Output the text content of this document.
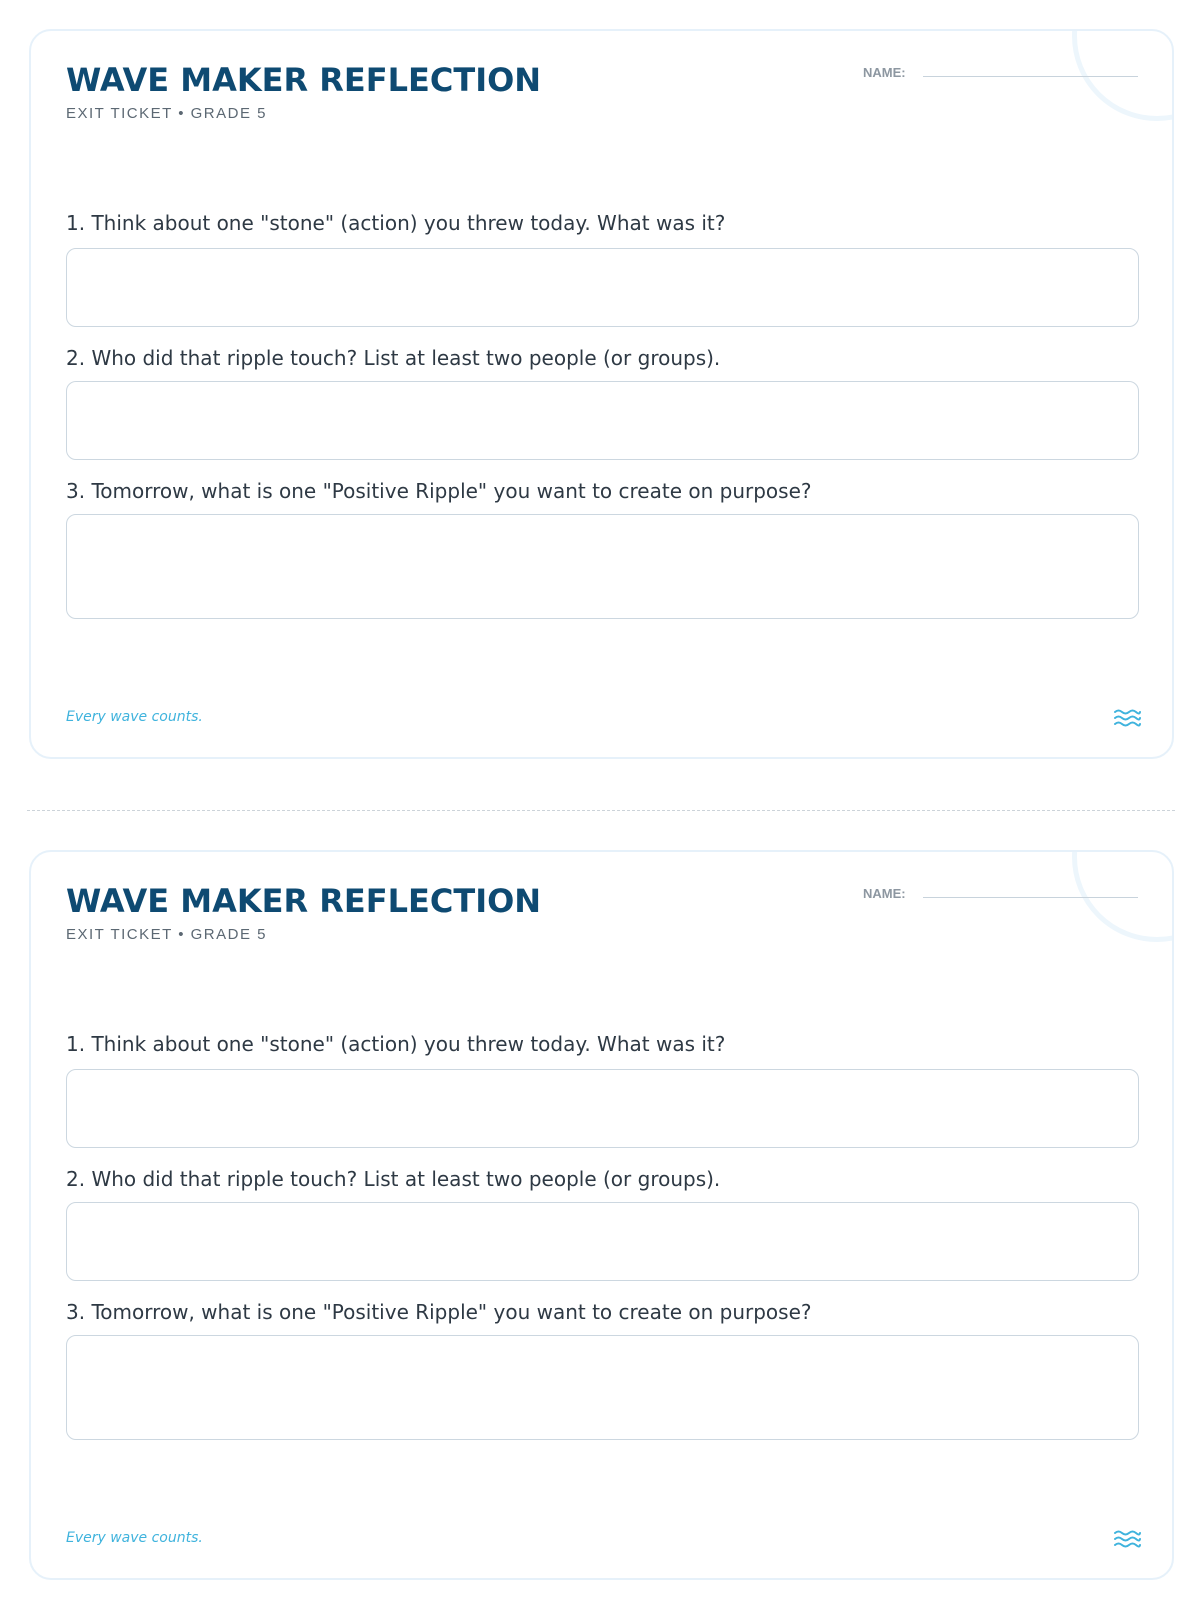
WAVE MAKER REFLECTION
EXIT TICKET • GRADE 5
NAME:
1. Think about one "stone" (action) you threw today. What was it?
2. Who did that ripple touch? List at least two people (or groups).
3. Tomorrow, what is one "Positive Ripple" you want to create on purpose?
Every wave counts.
WAVE MAKER REFLECTION
EXIT TICKET • GRADE 5
NAME:
1. Think about one "stone" (action) you threw today. What was it?
2. Who did that ripple touch? List at least two people (or groups).
3. Tomorrow, what is one "Positive Ripple" you want to create on purpose?
Every wave counts.
